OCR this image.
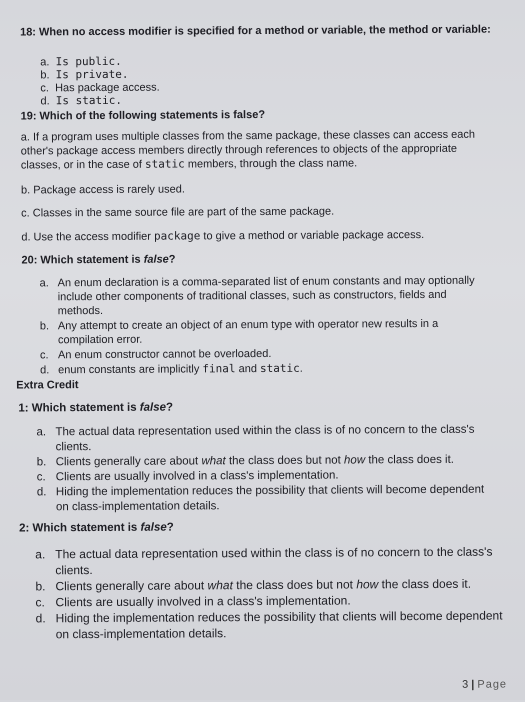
18: When no access modifier is specified for a method or variable, the method or variable:
a. Is public.
b. Is private.
c. Has package access.
d. Is static.
19: Which of the following statements is false?
a. If a program uses multiple classes from the same package, these classes can access each
other's package access members directly through references to objects of the appropriate
classes, or in the case of static members, through the class name.
b. Package access is rarely used.
c. Classes in the same source file are part of the same package.
d. Use the access modifier package to give a method or variable package access.
20: Which statement is false?
a. An enum declaration is a comma-separated list of enum constants and may optionally
include other components of traditional classes, such as constructors, fields and
methods.
b. Any attempt to create an object of an enum type with operator new results in a
compilation error.
c. An enum constructor cannot be overloaded.
d. enum constants are implicitly final and static.
Extra Credit
1: Which statement is false?
a. The actual data representation used within the class is of no concern to the class's
clients.
b. Clients generally care about what the class does but not how the class does it.
c. Clients are usually involved in a class's implementation.
d. Hiding the implementation reduces the possibility that clients will become dependent
on class-implementation details.
2: Which statement is false?
a. The actual data representation used within the class is of no concern to the class's
clients.
b. Clients generally care about what the class does but not how the class does it.
c. Clients are usually involved in a class's implementation.
d. Hiding the implementation reduces the possibility that clients will become dependent
on class-implementation details.
3 | Page
